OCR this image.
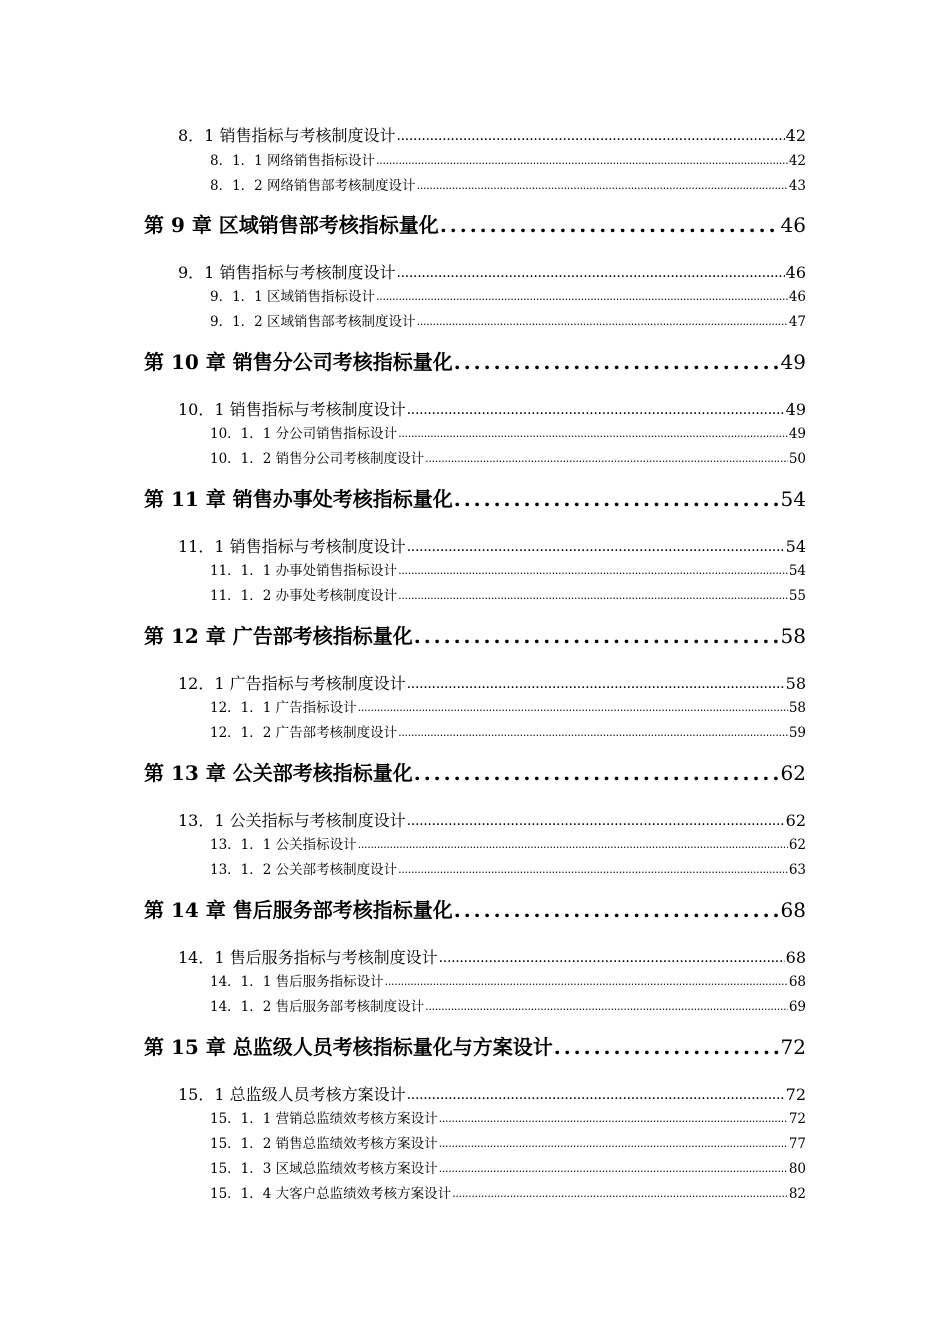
8．1 销售指标与考核制度设计 .....	42
8．1．1 网络销售指标设计 .....	42
8．1．2 网络销售部考核制度设计 .....	43
第 9 章 区域销售部考核指标量化 .....	46
9．1 销售指标与考核制度设计 .....	46
9．1．1 区域销售指标设计 .....	46
9．1．2 区域销售部考核制度设计 .....	47
第 10 章 销售分公司考核指标量化 .....	49
10．1 销售指标与考核制度设计 .....	49
10．1．1 分公司销售指标设计 .....	49
10．1．2 销售分公司考核制度设计 .....	50
第 11 章 销售办事处考核指标量化 .....	54
11．1 销售指标与考核制度设计 .....	54
11．1．1 办事处销售指标设计 .....	54
11．1．2 办事处考核制度设计 .....	55
第 12 章 广告部考核指标量化 .....	58
12．1 广告指标与考核制度设计 .....	58
12．1．1 广告指标设计 .....	58
12．1．2 广告部考核制度设计 .....	59
第 13 章 公关部考核指标量化 .....	62
13．1 公关指标与考核制度设计 .....	62
13．1．1 公关指标设计 .....	62
13．1．2 公关部考核制度设计 .....	63
第 14 章 售后服务部考核指标量化 .....	68
14．1 售后服务指标与考核制度设计 .....	68
14．1．1 售后服务指标设计 .....	68
14．1．2 售后服务部考核制度设计 .....	69
第 15 章 总监级人员考核指标量化与方案设计 .....	72
15．1 总监级人员考核方案设计 .....	72
15．1．1 营销总监绩效考核方案设计 .....	72
15．1．2 销售总监绩效考核方案设计 .....	77
15．1．3 区域总监绩效考核方案设计 .....	80
15．1．4 大客户总监绩效考核方案设计 .....	82
